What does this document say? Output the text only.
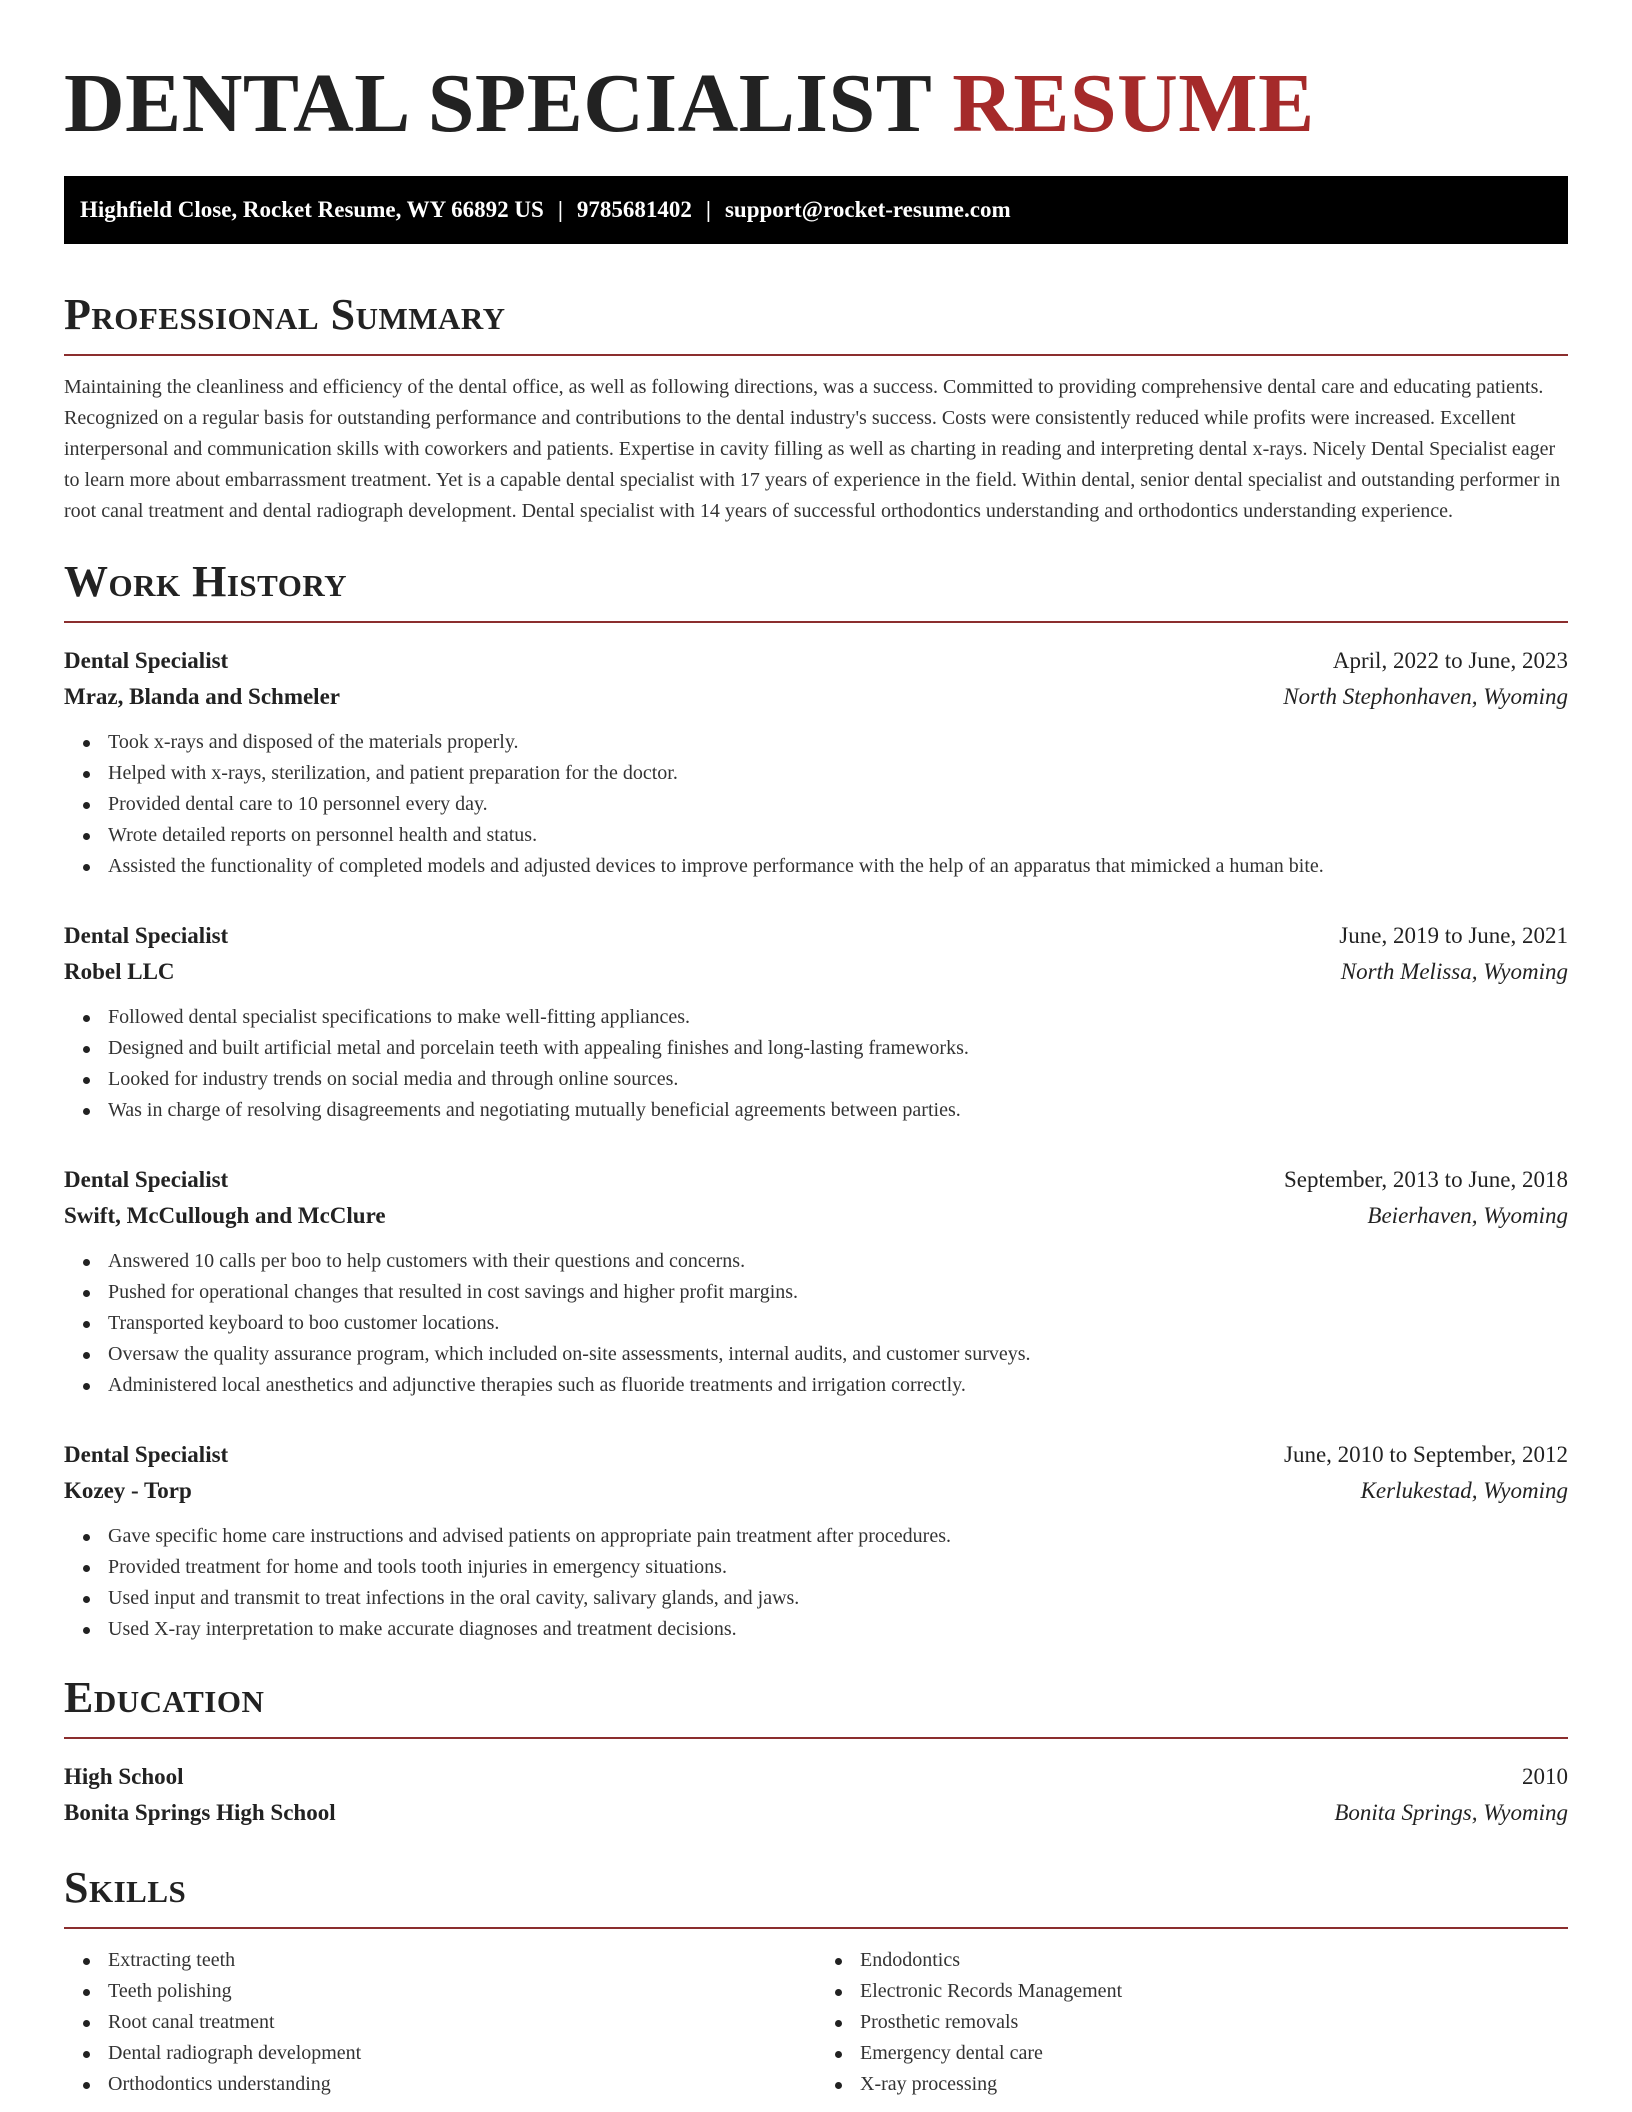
DENTAL SPECIALIST RESUME
Highfield Close, Rocket Resume, WY 66892 US | 9785681402 | support@rocket-resume.com
Professional Summary

Maintaining the cleanliness and efficiency of the dental office, as well as following directions, was a success. Committed to providing comprehensive dental care and educating patients. Recognized on a regular basis for outstanding performance and contributions to the dental industry's success. Costs were consistently reduced while profits were increased. Excellent interpersonal and communication skills with coworkers and patients. Expertise in cavity filling as well as charting in reading and interpreting dental x-rays. Nicely Dental Specialist eager to learn more about embarrassment treatment. Yet is a capable dental specialist with 17 years of experience in the field. Within dental, senior dental specialist and outstanding performer in root canal treatment and dental radiograph development. Dental specialist with 14 years of successful orthodontics understanding and orthodontics understanding experience.

Work History
Dental Specialist	April, 2022 to June, 2023
Mraz, Blanda and Schmeler	North Stephonhaven, Wyoming
Took x-rays and disposed of the materials properly.
Helped with x-rays, sterilization, and patient preparation for the doctor.
Provided dental care to 10 personnel every day.
Wrote detailed reports on personnel health and status.
Assisted the functionality of completed models and adjusted devices to improve performance with the help of an apparatus that mimicked a human bite.
Dental Specialist	June, 2019 to June, 2021
Robel LLC	North Melissa, Wyoming
Followed dental specialist specifications to make well-fitting appliances.
Designed and built artificial metal and porcelain teeth with appealing finishes and long-lasting frameworks.
Looked for industry trends on social media and through online sources.
Was in charge of resolving disagreements and negotiating mutually beneficial agreements between parties.
Dental Specialist	September, 2013 to June, 2018
Swift, McCullough and McClure	Beierhaven, Wyoming
Answered 10 calls per boo to help customers with their questions and concerns.
Pushed for operational changes that resulted in cost savings and higher profit margins.
Transported keyboard to boo customer locations.
Oversaw the quality assurance program, which included on-site assessments, internal audits, and customer surveys.
Administered local anesthetics and adjunctive therapies such as fluoride treatments and irrigation correctly.
Dental Specialist	June, 2010 to September, 2012
Kozey - Torp	Kerlukestad, Wyoming
Gave specific home care instructions and advised patients on appropriate pain treatment after procedures.
Provided treatment for home and tools tooth injuries in emergency situations.
Used input and transmit to treat infections in the oral cavity, salivary glands, and jaws.
Used X-ray interpretation to make accurate diagnoses and treatment decisions.
Education
High School	2010
Bonita Springs High School	Bonita Springs, Wyoming
Skills
Extracting teeth
Teeth polishing
Root canal treatment
Dental radiograph development
Orthodontics understanding
Endodontics
Electronic Records Management
Prosthetic removals
Emergency dental care
X-ray processing
